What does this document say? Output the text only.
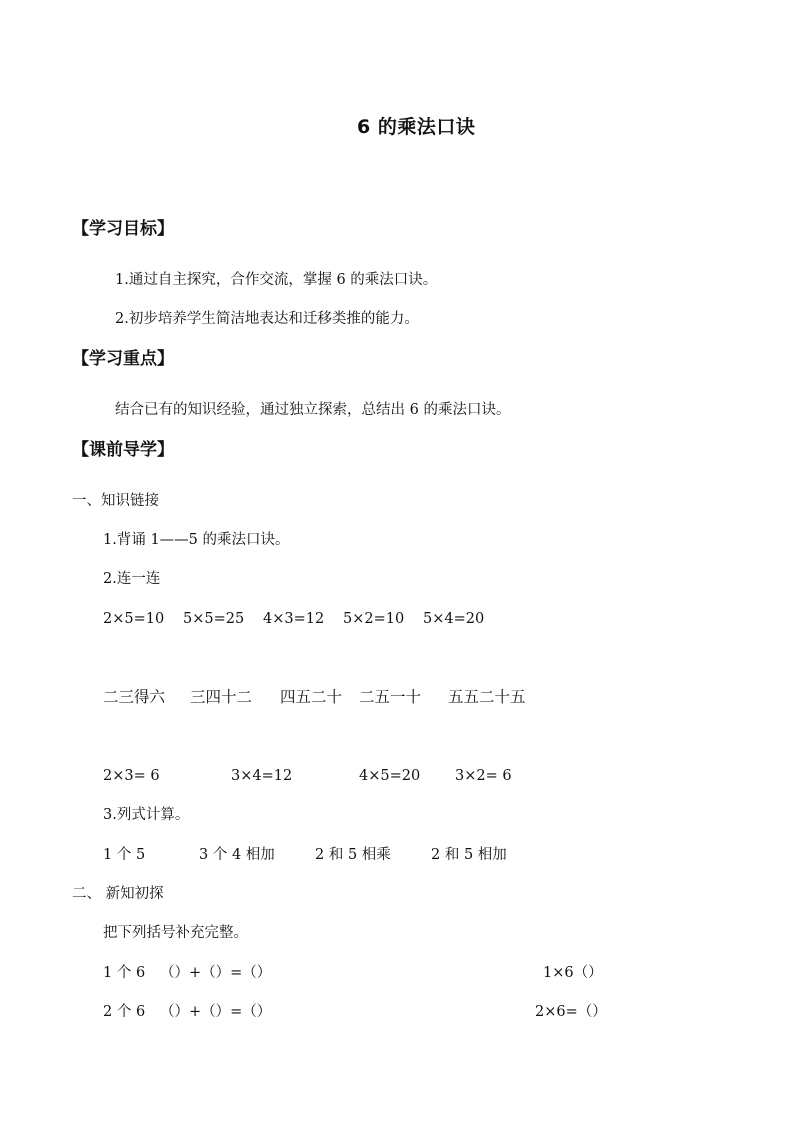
6 的乘法口诀
【学习目标】
1.通过自主探究，合作交流，掌握 6 的乘法口诀。
2.初步培养学生简洁地表达和迁移类推的能力。
【学习重点】
结合已有的知识经验，通过独立探索，总结出 6 的乘法口诀。
【课前导学】
一、知识链接
1.背诵 1——5 的乘法口诀。
2.连一连
2×5=10 5×5=25 4×3=12 5×2=10 5×4=20
二三得六 三四十二 四五二十 二五一十 五五二十五
2×3= 6	3×4=12	4×5=20 3×2= 6
3.列式计算。
1 个 5	3 个 4 相加	2 和 5 相乘	2 和 5 相加
二、 新知初探
把下列括号补充完整。
1 个 6 （）+（）=（）	1×6（）
2 个 6 （）+（）=（）	2×6=（）
